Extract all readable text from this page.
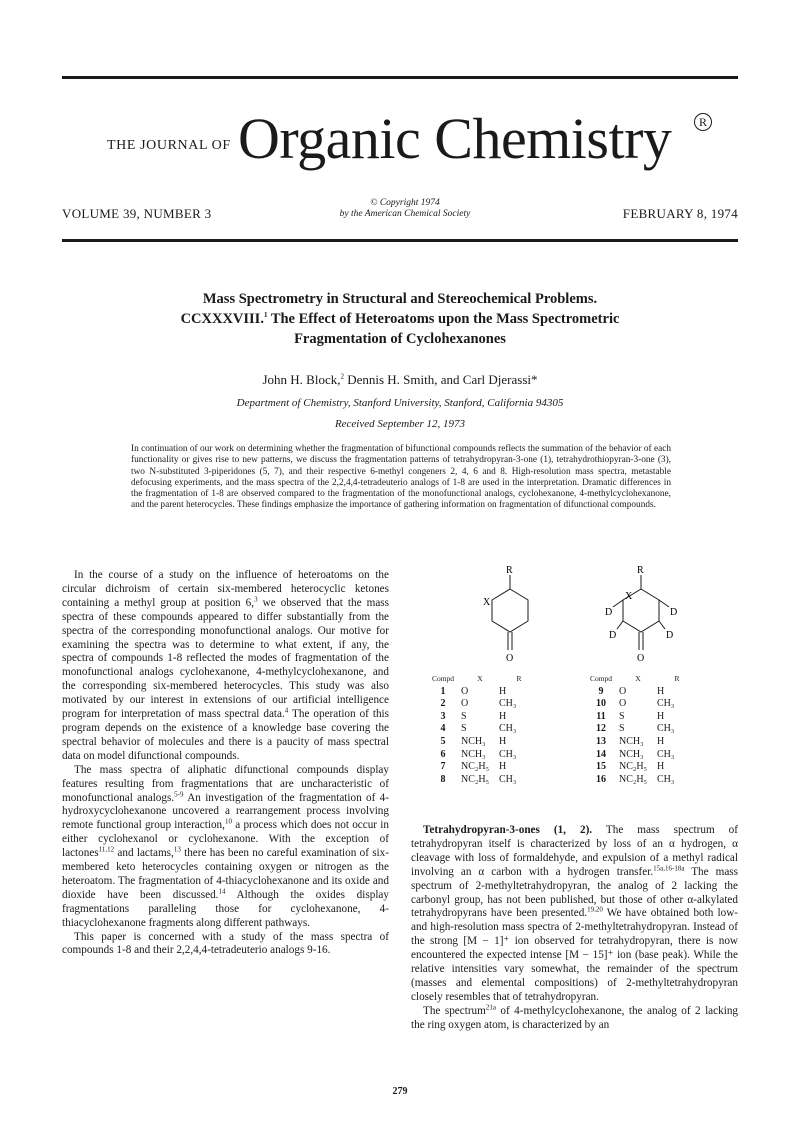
THE JOURNAL OF Organic Chemistry	R
VOLUME 39, NUMBER 3
© Copyright 1974
by the American Chemical Society	FEBRUARY 8, 1974
Mass Spectrometry in Structural and Stereochemical Problems.
CCXXXVIII.$^1$ The Effect of Heteroatoms upon the Mass Spectrometric
Fragmentation of Cyclohexanones
John H. Block,$^2$ Dennis H. Smith, and Carl Djerassi*
Department of Chemistry, Stanford University, Stanford, California 94305
Received September 12, 1973
In continuation of our work on determining whether the fragmentation of bifunctional compounds reflects the summation of the behavior of each functionality or gives rise to new patterns, we discuss the fragmentation patterns of tetrahydropyran-3-one (1), tetrahydrothiopyran-3-one (3), two N-substituted 3-piperidones (5, 7), and their respective 6-methyl congeners 2, 4, 6 and 8. High-resolution mass spectra, metastable defocusing experiments, and the mass spectra of the 2,2,4,4-tetradeuterio analogs of 1-8 are used in the interpretation. Dramatic differences in the fragmentation of 1-8 are observed compared to the fragmentation of the monofunctional analogs, cyclohexanone, 4-methylcyclohexanone, and the parent heterocycles. These findings emphasize the importance of gathering information on fragmentation of difunctional compounds.

In the course of a study on the influence of heteroatoms on the circular dichroism of certain six-membered heterocyclic ketones containing a methyl group at position 6,$^3$ we observed that the mass spectra of these compounds appeared to differ substantially from the spectra of the corresponding monofunctional analogs. Our motive for examining the spectra was to determine to what extent, if any, the spectra of compounds 1-8 reflected the modes of fragmentation of the monofunctional analogs cyclohexanone, 4-methylcyclohexanone, and the corresponding six-membered heterocycles. This study was also motivated by our interest in extensions of our artificial intelligence program for interpretation of mass spectral data.$^4$ The operation of this program depends on the existence of a knowledge base covering the spectral behavior of molecules and there is a paucity of mass spectral data on model difunctional compounds.

The mass spectra of aliphatic difunctional compounds display features resulting from fragmentations that are uncharacteristic of monofunctional analogs.$^{5-9}$ An investigation of the fragmentation of 4-hydroxycyclohexanone uncovered a rearrangement process involving remote functional group interaction,$^{10}$ a process which does not occur in either cyclohexanol or cyclohexanone. With the exception of lactones$^{11,12}$ and lactams,$^{13}$ there has been no careful examination of six-membered keto heterocycles containing oxygen or nitrogen as the heteroatom. The fragmentation of 4-thiacyclohexanone and its oxide and dioxide have been discussed.$^{14}$ Although the oxides display fragmentations paralleling those for cyclohexanone, 4-thiacyclohexanone fragments along different pathways.

This paper is concerned with a study of the mass spectra of compounds 1-8 and their 2,2,4,4-tetradeuterio analogs 9-16.

R
X
O
R
X
D	D
D	D
O
Compd	X	R
1	O	H
2	O	CH₃
3	S	H
4	S	CH₃
5	NCH₃	H
6	NCH₃	CH₃
7	NC₂H₅ H
8	NC₂H₅ CH₃
Compd	X	R
9	O	H
10	O	CH₃
11	S	H
12	S	CH₃
13	NCH₃	H
14	NCH₃	CH₃
15	NC₂H₅ H
16	NC₂H₅ CH₃

Tetrahydropyran-3-ones (1, 2). The mass spectrum of tetrahydropyran itself is characterized by loss of an α hydrogen, α cleavage with loss of formaldehyde, and expulsion of a methyl radical involving an α carbon with a hydrogen transfer.$^{15a,16-18a}$ The mass spectrum of 2-methyltetrahydropyran, the analog of 2 lacking the carbonyl group, has not been published, but those of other α-alkylated tetrahydropyrans have been presented.$^{19,20}$ We have obtained both low- and high-resolution mass spectra of 2-methyltetrahydropyran. Instead of the strong [M − 1]⁺ ion observed for tetrahydropyran, there is now encountered the expected intense [M − 15]⁺ ion (base peak). While the relative intensities vary somewhat, the remainder of the spectrum (masses and elemental compositions) of 2-methyltetrahydropyran closely resembles that of tetrahydropyran.

The spectrum$^{21a}$ of 4-methylcyclohexanone, the analog of 2 lacking the ring oxygen atom, is characterized by an

279
